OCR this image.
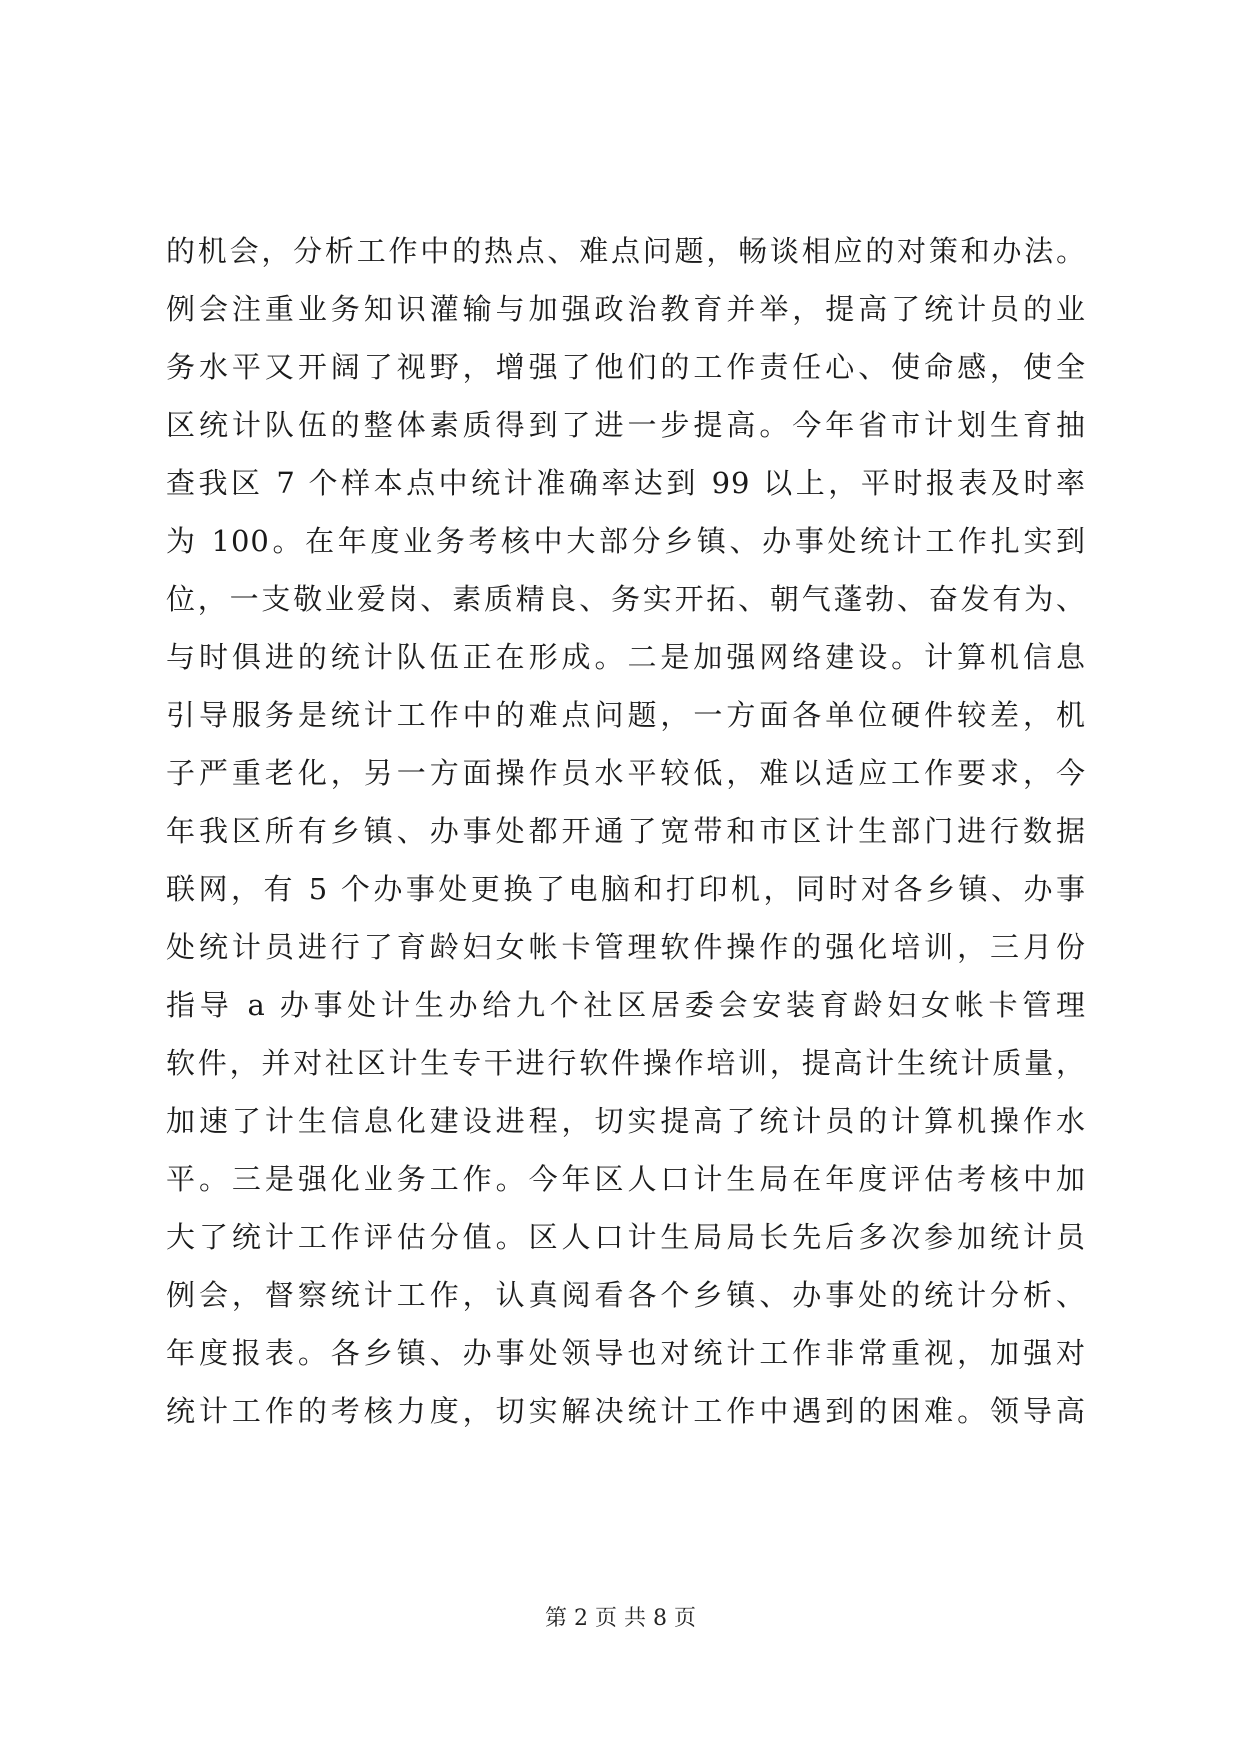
的机会，分析工作中的热点、难点问题，畅谈相应的对策和办法。
例会注重业务知识灌输与加强政治教育并举，提高了统计员的业
务水平又开阔了视野，增强了他们的工作责任心、使命感，使全
区统计队伍的整体素质得到了进一步提高。今年省市计划生育抽
查我区 7 个样本点中统计准确率达到 99 以上，平时报表及时率
为 100。在年度业务考核中大部分乡镇、办事处统计工作扎实到
位，一支敬业爱岗、素质精良、务实开拓、朝气蓬勃、奋发有为、
与时俱进的统计队伍正在形成。二是加强网络建设。计算机信息
引导服务是统计工作中的难点问题，一方面各单位硬件较差，机
子严重老化，另一方面操作员水平较低，难以适应工作要求，今
年我区所有乡镇、办事处都开通了宽带和市区计生部门进行数据
联网，有 5 个办事处更换了电脑和打印机，同时对各乡镇、办事
处统计员进行了育龄妇女帐卡管理软件操作的强化培训，三月份
指导 a 办事处计生办给九个社区居委会安装育龄妇女帐卡管理
软件，并对社区计生专干进行软件操作培训，提高计生统计质量，
加速了计生信息化建设进程，切实提高了统计员的计算机操作水
平。三是强化业务工作。今年区人口计生局在年度评估考核中加
大了统计工作评估分值。区人口计生局局长先后多次参加统计员
例会，督察统计工作，认真阅看各个乡镇、办事处的统计分析、
年度报表。各乡镇、办事处领导也对统计工作非常重视，加强对
统计工作的考核力度，切实解决统计工作中遇到的困难。领导高
第 2 页 共 8 页
